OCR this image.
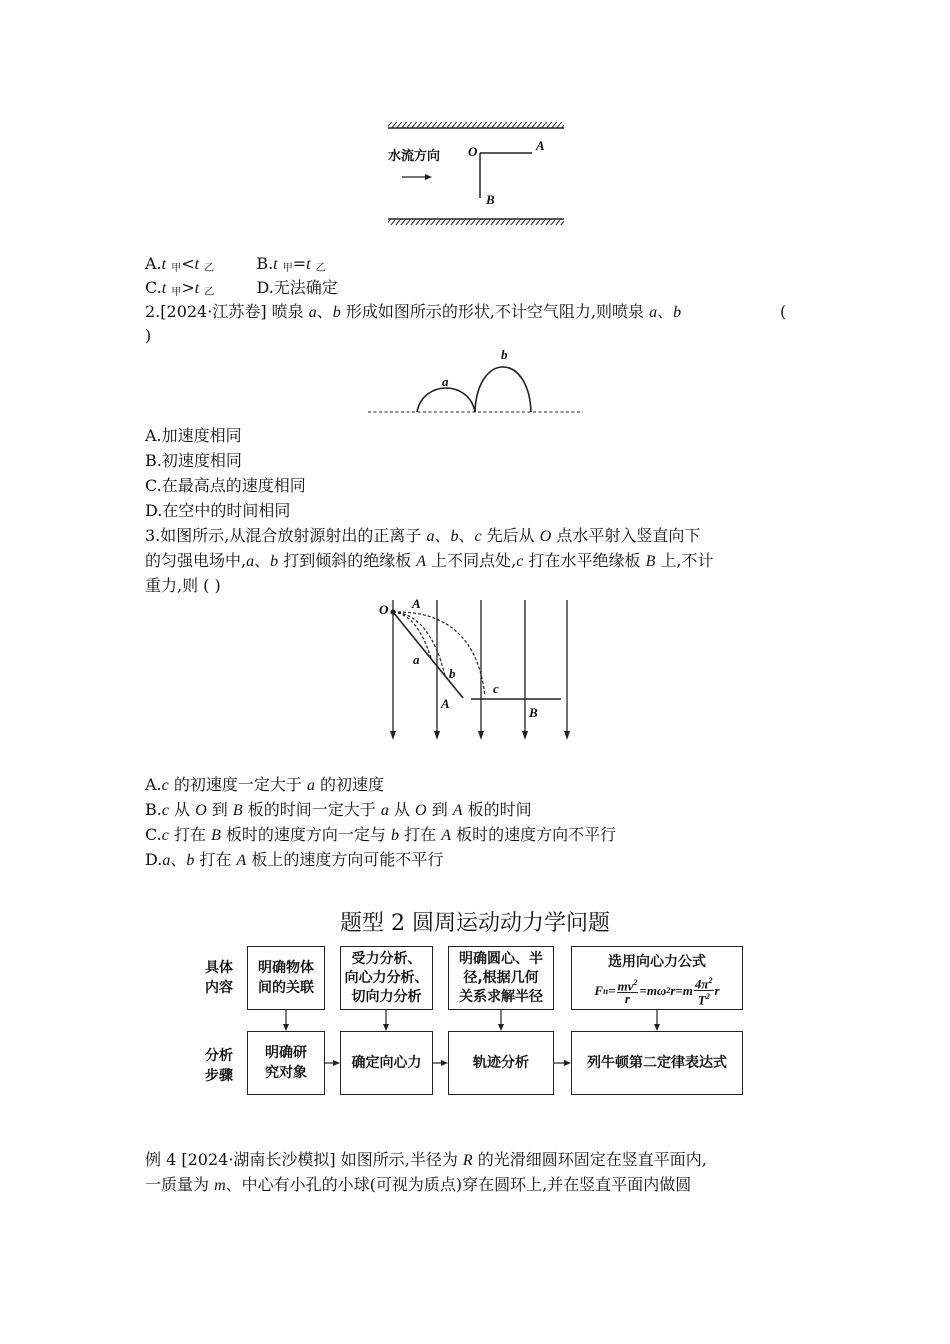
水流方向 O	A
B
A.t $_甲$<t $_乙$	B.t $_甲$=t $_乙$
C.t $_甲$>t $_乙$	D.无法确定
2.[2024·江苏卷] 喷泉 a、b 形成如图所示的形状,不计空气阻力,则喷泉 a、b	(
)
a
b
A.加速度相同
B.初速度相同
C.在最高点的速度相同
D.在空中的时间相同
3.如图所示,从混合放射源射出的正离子 a、b、c 先后从 O 点水平射入竖直向下
的匀强电场中,a、b 打到倾斜的绝缘板 A 上不同点处,c 打在水平绝缘板 B 上,不计
重力,则 ( )
O A
a
b
c
A
B
A.c 的初速度一定大于 a 的初速度
B.c 从 O 到 B 板的时间一定大于 a 从 O 到 A 板的时间
C.c 打在 B 板时的速度方向一定与 b 打在 A 板时的速度方向不平行
D.a、b 打在 A 板上的速度方向可能不平行
题型 2 圆周运动动力学问题
具体
内容
分析
步骤
明确物体
间的关联
受力分析、
向心力分析、
切向力分析
明确圆心、半
径,根据几何
关系求解半径
选用向心力公式
F $n = \frac{mv^2}{r} =m\omega$ 2 r=m $4\pi^2$
$T^2$ r
明确研
究对象
确定向心力	轨迹分析	列牛顿第二定律表达式
例 4 [2024·湖南长沙模拟] 如图所示,半径为 R 的光滑细圆环固定在竖直平面内,
一质量为 m、中心有小孔的小球(可视为质点)穿在圆环上,并在竖直平面内做圆
